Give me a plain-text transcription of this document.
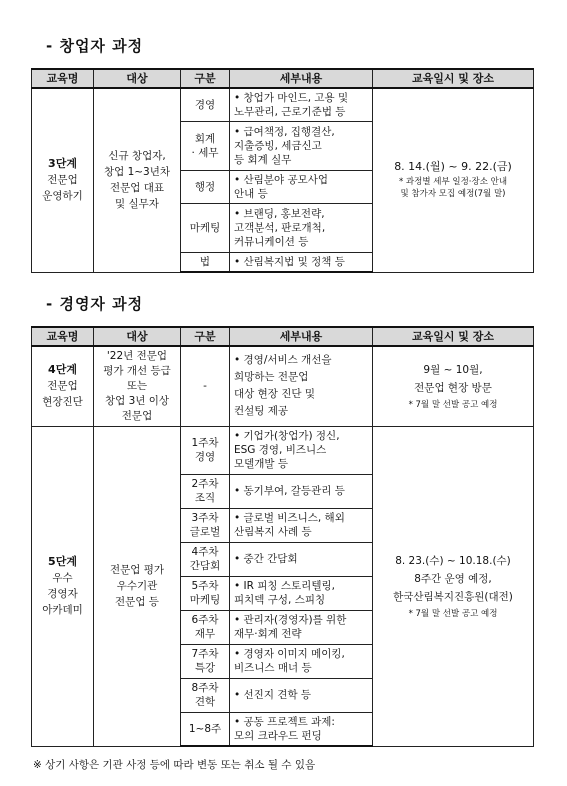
- 창업자 과정
교육명	대상	구분	세부내용	교육일시 및 장소

3단계
전문업
운영하기	신규 창업자,
창업 1~3년차
전문업 대표
및 실무자	경영	• 창업가 마인드, 고용 및
노무관리, 근로기준법 등	8. 14.(월) ~ 9. 22.(금)
* 과정별 세부 일정·장소 안내
및 참가자 모집 예정(7월 말)

		회계
· 세무	• 급여책정, 집행결산,
지출증빙, 세금신고
등 회계 실무	

		행정	• 산림분야 공모사업
안내 등	

		마케팅	• 브랜딩, 홍보전략,
고객분석, 판로개척,
커뮤니케이션 등	

		법	• 산림복지법 및 정책 등	
- 경영자 과정
교육명	대상	구분	세부내용	교육일시 및 장소

4단계
전문업
현장진단	'22년 전문업
평가 개선 등급
또는
창업 3년 이상
전문업	-	• 경영/서비스 개선을
희망하는 전문업
대상 현장 진단 및
컨설팅 제공	9월 ~ 10월,
전문업 현장 방문
* 7월 말 선발 공고 예정

5단계
우수
경영자
아카데미	전문업 평가
우수기관
전문업 등	1주차
경영	• 기업가(창업가) 정신,
ESG 경영, 비즈니스
모델개발 등	8. 23.(수) ~ 10.18.(수)
8주간 운영 예정,
한국산림복지진흥원(대전)
* 7월 말 선발 공고 예정

		2주차
조직	• 동기부여, 갈등관리 등	

		3주차
글로벌	• 글로벌 비즈니스, 해외
산림복지 사례 등	

		4주차
간담회	• 중간 간담회	

		5주차
마케팅	• IR 피칭 스토리텔링,
피치덱 구성, 스피칭	

		6주차
재무	• 관리자(경영자)를 위한
재무·회계 전략	

		7주차
특강	• 경영자 이미지 메이킹,
비즈니스 매너 등	

		8주차
견학	• 선진지 견학 등	
		1~8주	• 공동 프로젝트 과제:
모의 크라우드 펀딩	
※ 상기 사항은 기관 사정 등에 따라 변동 또는 취소 될 수 있음
